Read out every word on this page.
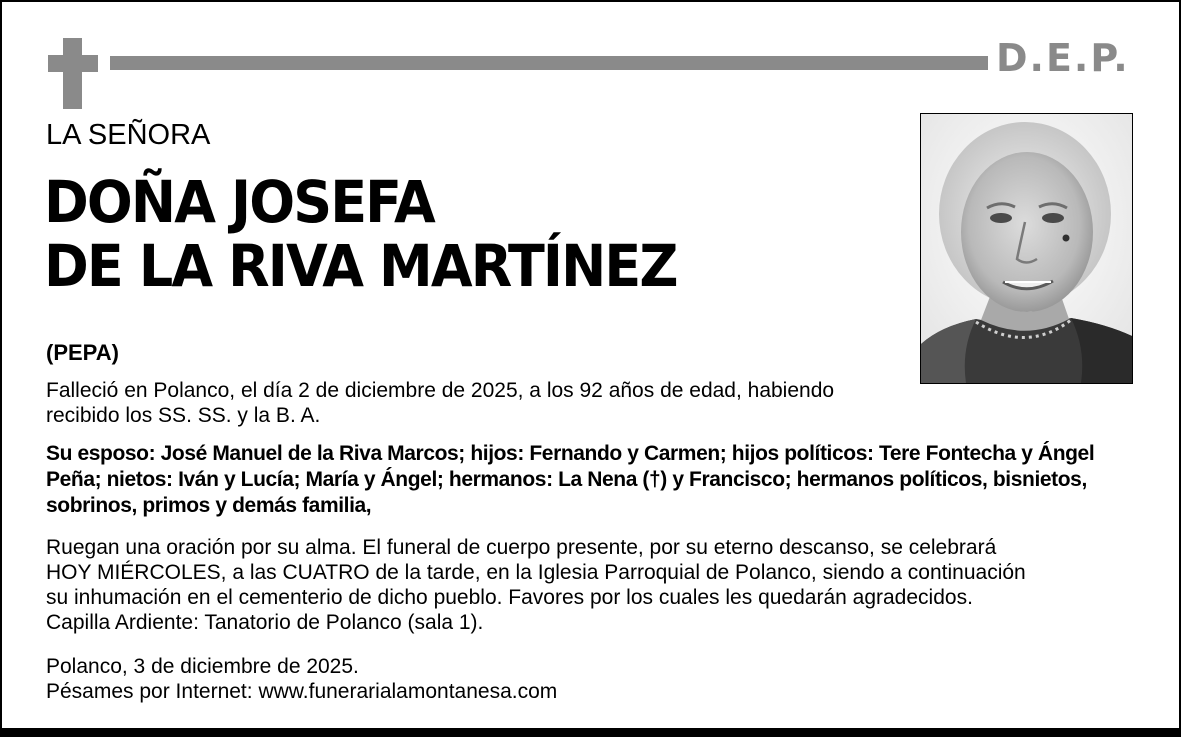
D.E.P.
LA SEÑORA
DOÑA JOSEFA
DE LA RIVA MARTÍNEZ
(PEPA)
Falleció en Polanco, el día 2 de diciembre de 2025, a los 92 años de edad, habiendo
recibido los SS. SS. y la B. A.
Su esposo: José Manuel de la Riva Marcos; hijos: Fernando y Carmen; hijos políticos: Tere Fontecha y Ángel
Peña; nietos: Iván y Lucía; María y Ángel; hermanos: La Nena (†) y Francisco; hermanos políticos, bisnietos,
sobrinos, primos y demás familia,
Ruegan una oración por su alma. El funeral de cuerpo presente, por su eterno descanso, se celebrará
HOY MIÉRCOLES, a las CUATRO de la tarde, en la Iglesia Parroquial de Polanco, siendo a continuación
su inhumación en el cementerio de dicho pueblo. Favores por los cuales les quedarán agradecidos.
Capilla Ardiente: Tanatorio de Polanco (sala 1).
Polanco, 3 de diciembre de 2025.
Pésames por Internet: www.funerarialamontanesa.com
